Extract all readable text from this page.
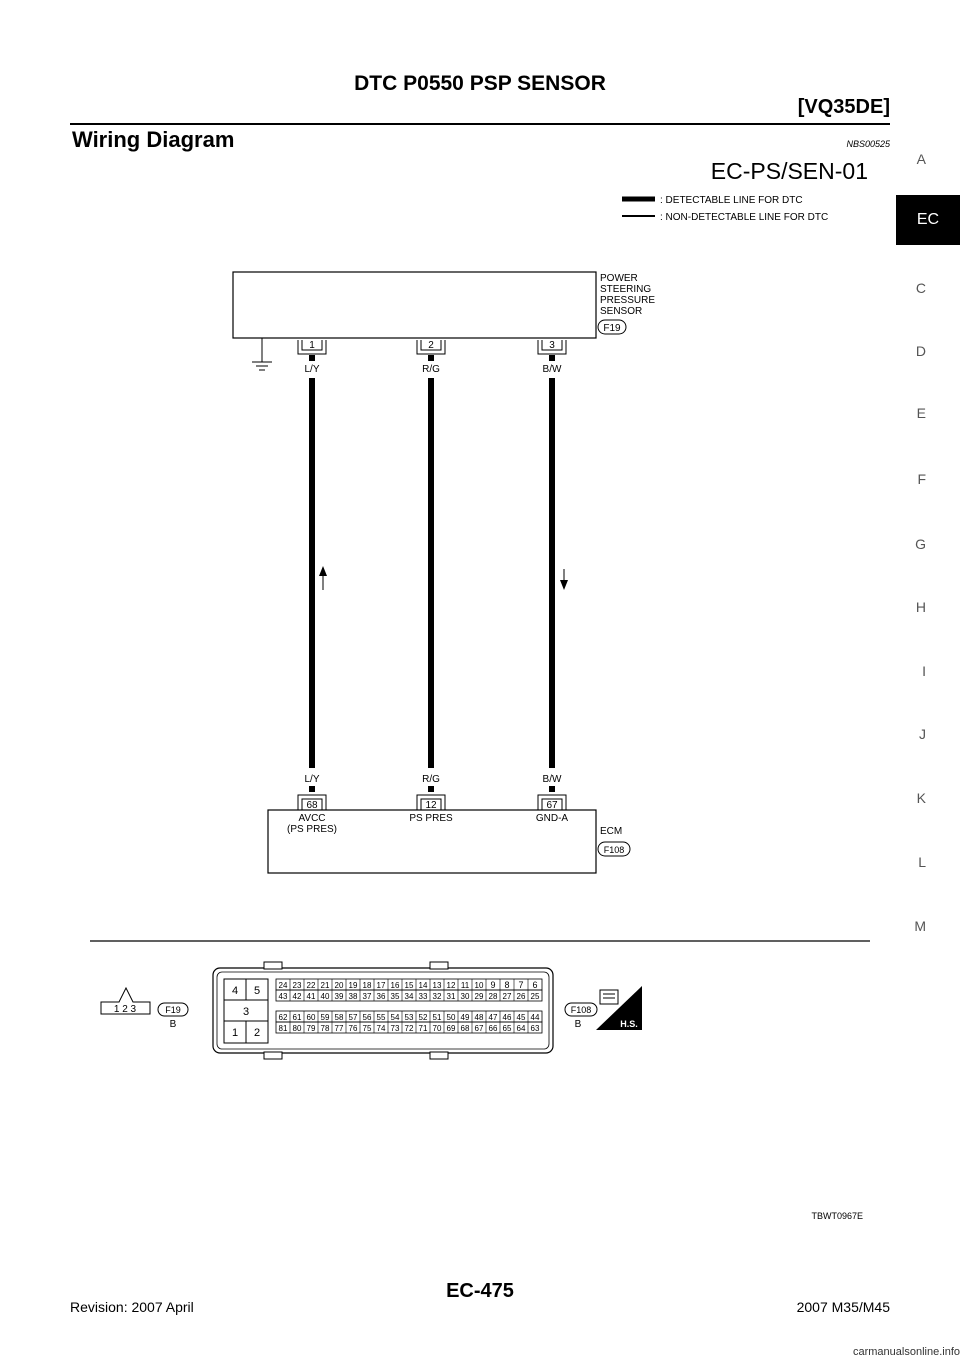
DTC P0550 PSP SENSOR
[VQ35DE]
Wiring Diagram	NBS00525
EC-PS/SEN-01	A
EC
C
D
E
F
G
H
I
J
K
L
M
: DETECTABLE LINE FOR DTC
: NON-DETECTABLE LINE FOR DTC
POWER
STEERING
PRESSURE
SENSOR
F19
1	2	3
L/Y	R/G	B/W
L/Y	R/G	B/W
68	12	67
AVCC
(PS PRES)
PS PRES	GND-A
ECM
F108
1 2 3	F19
B
4 5
3
1 2
24 23 22 21 20 19 18 17 16 15 14 13 12 11 10 9 8 7 6
43 42 41 40 39 38 37 36 35 34 33 32 31 30 29 28 27 26 25
62 61 60 59 58 57 56 55 54 53 52 51 50 49 48 47 46 45 44
81 80 79 78 77 76 75 74 73 72 71 70 69 68 67 66 65 64 63
F108
B	H.S.
TBWT0967E
Revision: 2007 April
EC-475
2007 M35/M45
carmanualsonline.info
